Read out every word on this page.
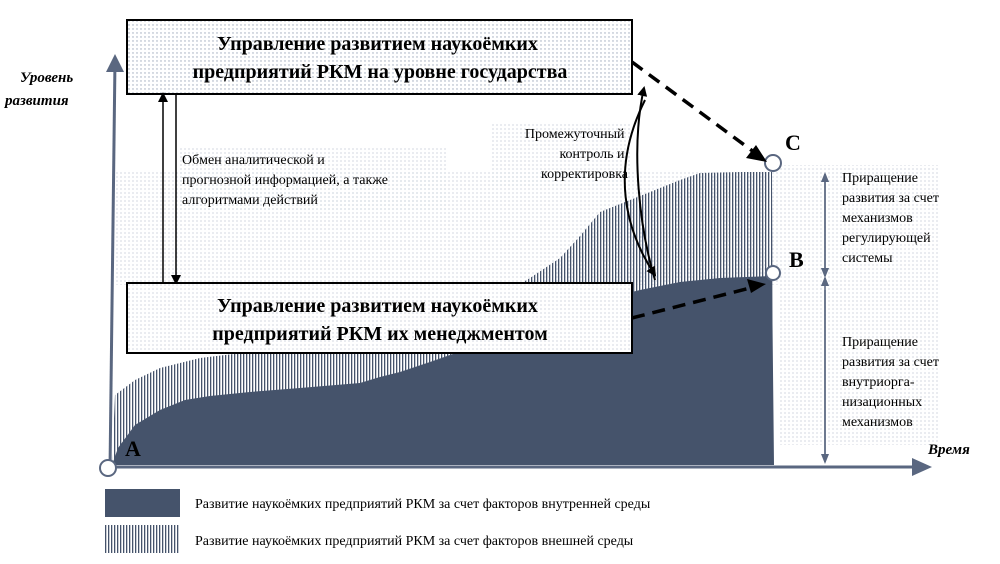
A
B
C
Уровень развития
Время
Управление развитием наукоёмких предприятий РКМ на уровне государства
Управление развитием наукоёмких предприятий РКМ их менеджментом
Обмен аналитической и прогнозной информацией, а также алгоритмами действий
Промежуточный контроль и корректировка	Приращение развития за счет механизмов регулирующей системы
Приращение развития за счет внутриорга- низационных механизмов
Развитие наукоёмких предприятий РКМ за счет факторов внутренней среды
Развитие наукоёмких предприятий РКМ за счет факторов внешней среды
